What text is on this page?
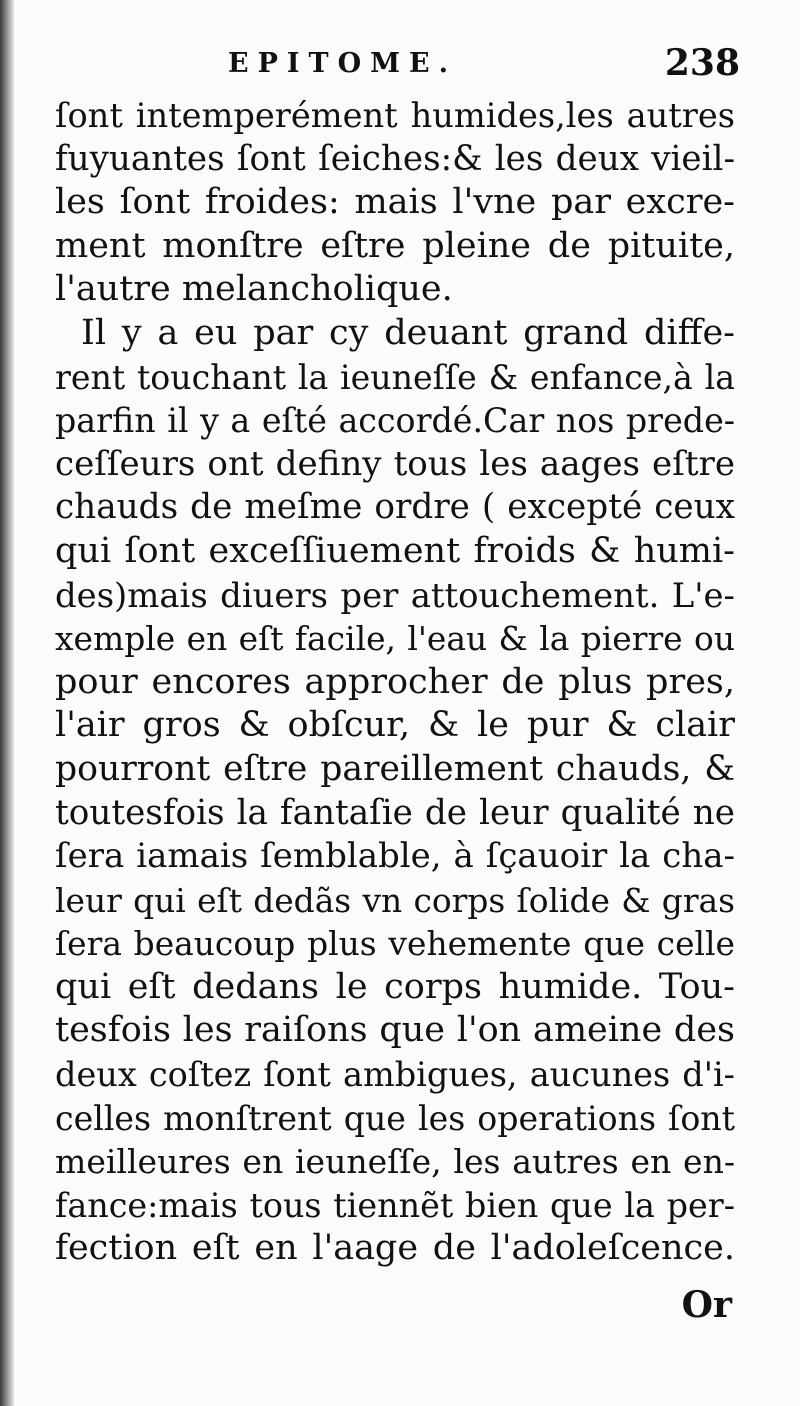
EPITOME.	238
ſont intemperément humides,les autres
fuyuantes ſont ſeiches:& les deux vieil-
les ſont froides: mais l'vne par excre-
ment monſtre eſtre pleine de pituite,
l'autre melancholique.
Il y a eu par cy deuant grand diffe-
rent touchant la ieuneſſe & enfance,à la
parfin il y a eſté accordé.Car nos prede-
ceſſeurs ont definy tous les aages eſtre
chauds de meſme ordre ( excepté ceux
qui ſont exceſſiuement froids & humi-
des)mais diuers per attouchement. L'e-
xemple en eſt facile, l'eau & la pierre ou
pour encores approcher de plus pres,
l'air gros & obſcur, & le pur & clair
pourront eſtre pareillement chauds, &
toutesfois la fantaſie de leur qualité ne
ſera iamais ſemblable, à ſçauoir la cha-
leur qui eſt dedãs vn corps ſolide & gras
ſera beaucoup plus vehemente que celle
qui eſt dedans le corps humide. Tou-
tesfois les raiſons que l'on ameine des
deux coſtez ſont ambigues, aucunes d'i-
celles monſtrent que les operations ſont
meilleures en ieuneſſe, les autres en en-
fance:mais tous tiennẽt bien que la per-
fection eſt en l'aage de l'adoleſcence.
Or
